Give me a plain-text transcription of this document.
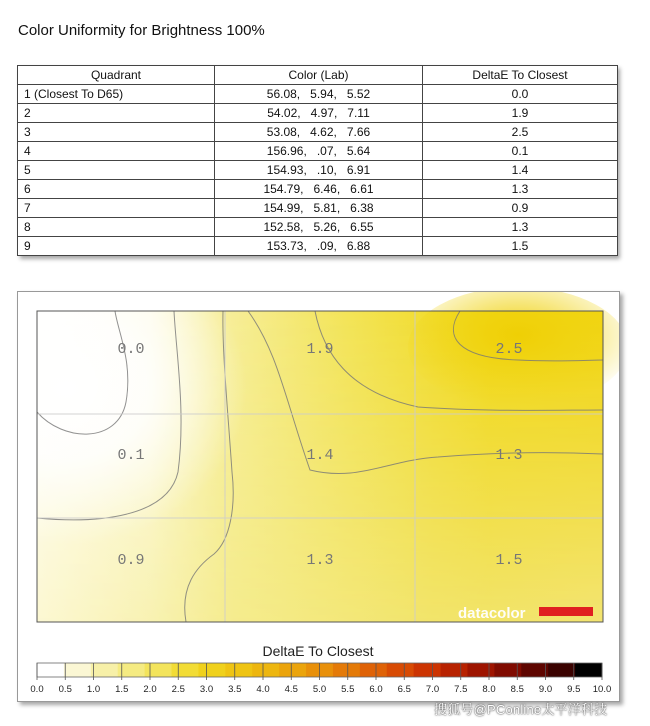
Color Uniformity for Brightness 100%
Quadrant	Color (Lab)	DeltaE To Closest
1 (Closest To D65)	56.08,   5.94,   5.52	0.0
2	54.02,   4.97,   7.11	1.9
3	53.08,   4.62,   7.66	2.5
4	156.96,   .07,   5.64	0.1
5	154.93,   .10,   6.91	1.4
6	154.79,   6.46,   6.61	1.3
7	154.99,   5.81,   6.38	0.9
8	152.58,   5.26,   6.55	1.3
9	153.73,   .09,   6.88	1.5
0.0	1.9	2.5
0.1	1.4	1.3
0.9	1.3	1.5
datacolor
DeltaE To Closest
0.0 0.5 1.0 1.5 2.0 2.5 3.0 3.5 4.0 4.5 5.0 5.5 6.0 6.5 7.0 7.5 8.0 8.5 9.0 9.5 10.0
搜狐号@PConline太平洋科技
